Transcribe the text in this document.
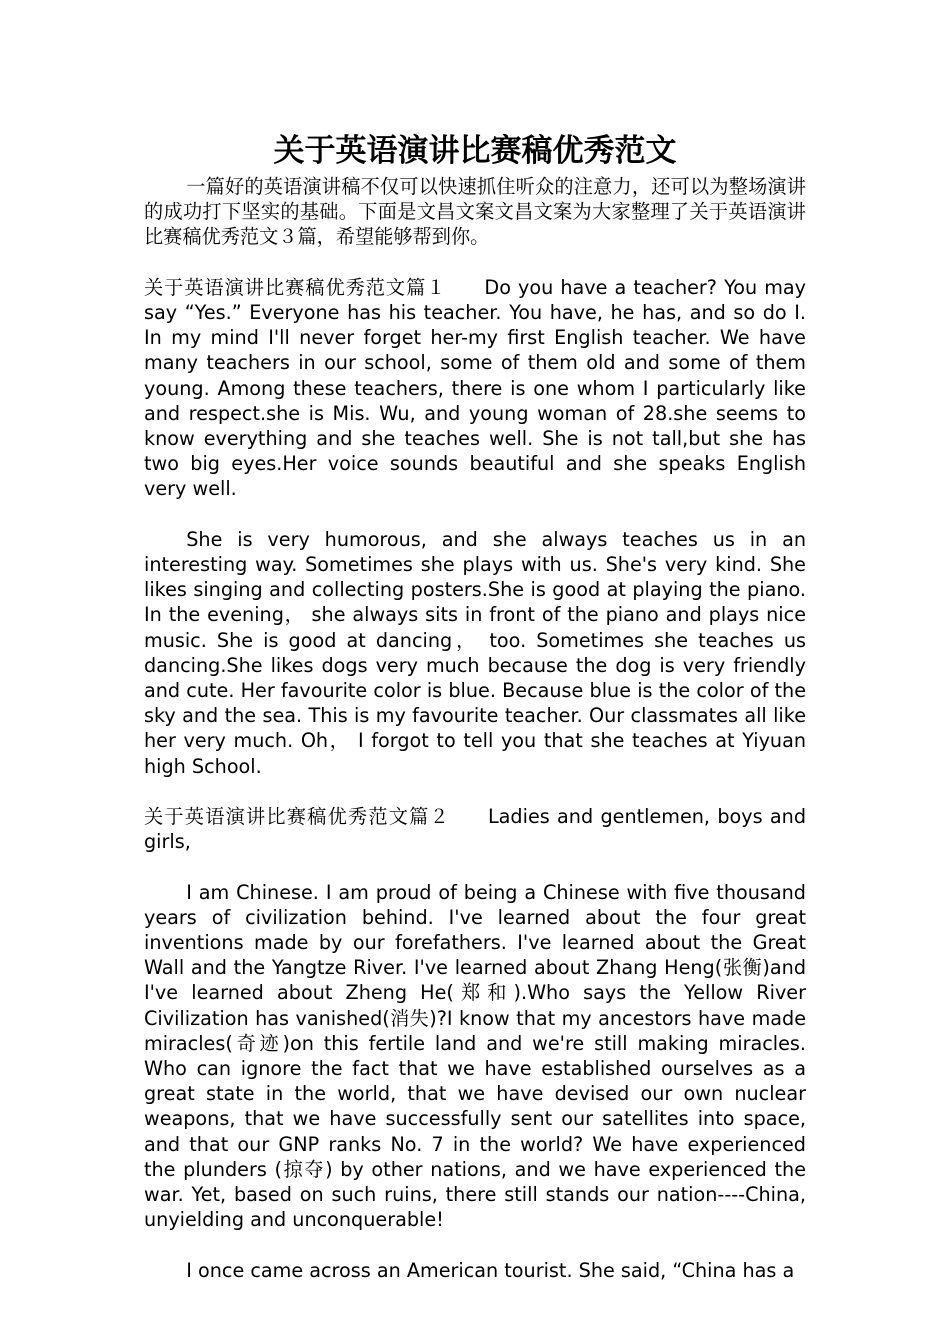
关于英语演讲比赛稿优秀范文

一篇好的英语演讲稿不仅可以快速抓住听众的注意力，还可以为整场演讲的成功打下坚实的基础。下面是文昌文案文昌文案为大家整理了关于英语演讲比赛稿优秀范文３篇，希望能够帮到你。

关于英语演讲比赛稿优秀范文篇１ Do you have a teacher? You may say “Yes.” Everyone has his teacher. You have, he has, and so do I. In my mind I'll never forget her-my first English teacher. We have many teachers in our school, some of them old and some of them young. Among these teachers, there is one whom I particularly like and respect.she is Mis. Wu, and young woman of 28.she seems to know everything and she teaches well. She is not tall,but she has two big eyes.Her voice sounds beautiful and she speaks English very well.

She is very humorous, and she always teaches us in an interesting way. Sometimes she plays with us. She's very kind. She likes singing and collecting posters.She is good at playing the piano. In the evening， she always sits in front of the piano and plays nice music. She is good at dancing， too. Sometimes she teaches us dancing.She likes dogs very much because the dog is very friendly and cute. Her favourite color is blue. Because blue is the color of the sky and the sea. This is my favourite teacher. Our classmates all like her very much. Oh， I forgot to tell you that she teaches at Yiyuan high School.

关于英语演讲比赛稿优秀范文篇２ Ladies and gentlemen, boys and girls,

I am Chinese. I am proud of being a Chinese with five thousand years of civilization behind. I've learned about the four great inventions made by our forefathers. I've learned about the Great Wall and the Yangtze River. I've learned about Zhang Heng(张衡)and I've learned about Zheng He(郑和).Who says the Yellow River Civilization has vanished(消失)?I know that my ancestors have made miracles(奇迹)on this fertile land and we're still making miracles. Who can ignore the fact that we have established ourselves as a great state in the world, that we have devised our own nuclear weapons, that we have successfully sent our satellites into space, and that our GNP ranks No. 7 in the world? We have experienced the plunders (掠夺) by other nations, and we have experienced the war. Yet, based on such ruins, there still stands our nation----China, unyielding and unconquerable!

I once came across an American tourist. She said, “China has a
